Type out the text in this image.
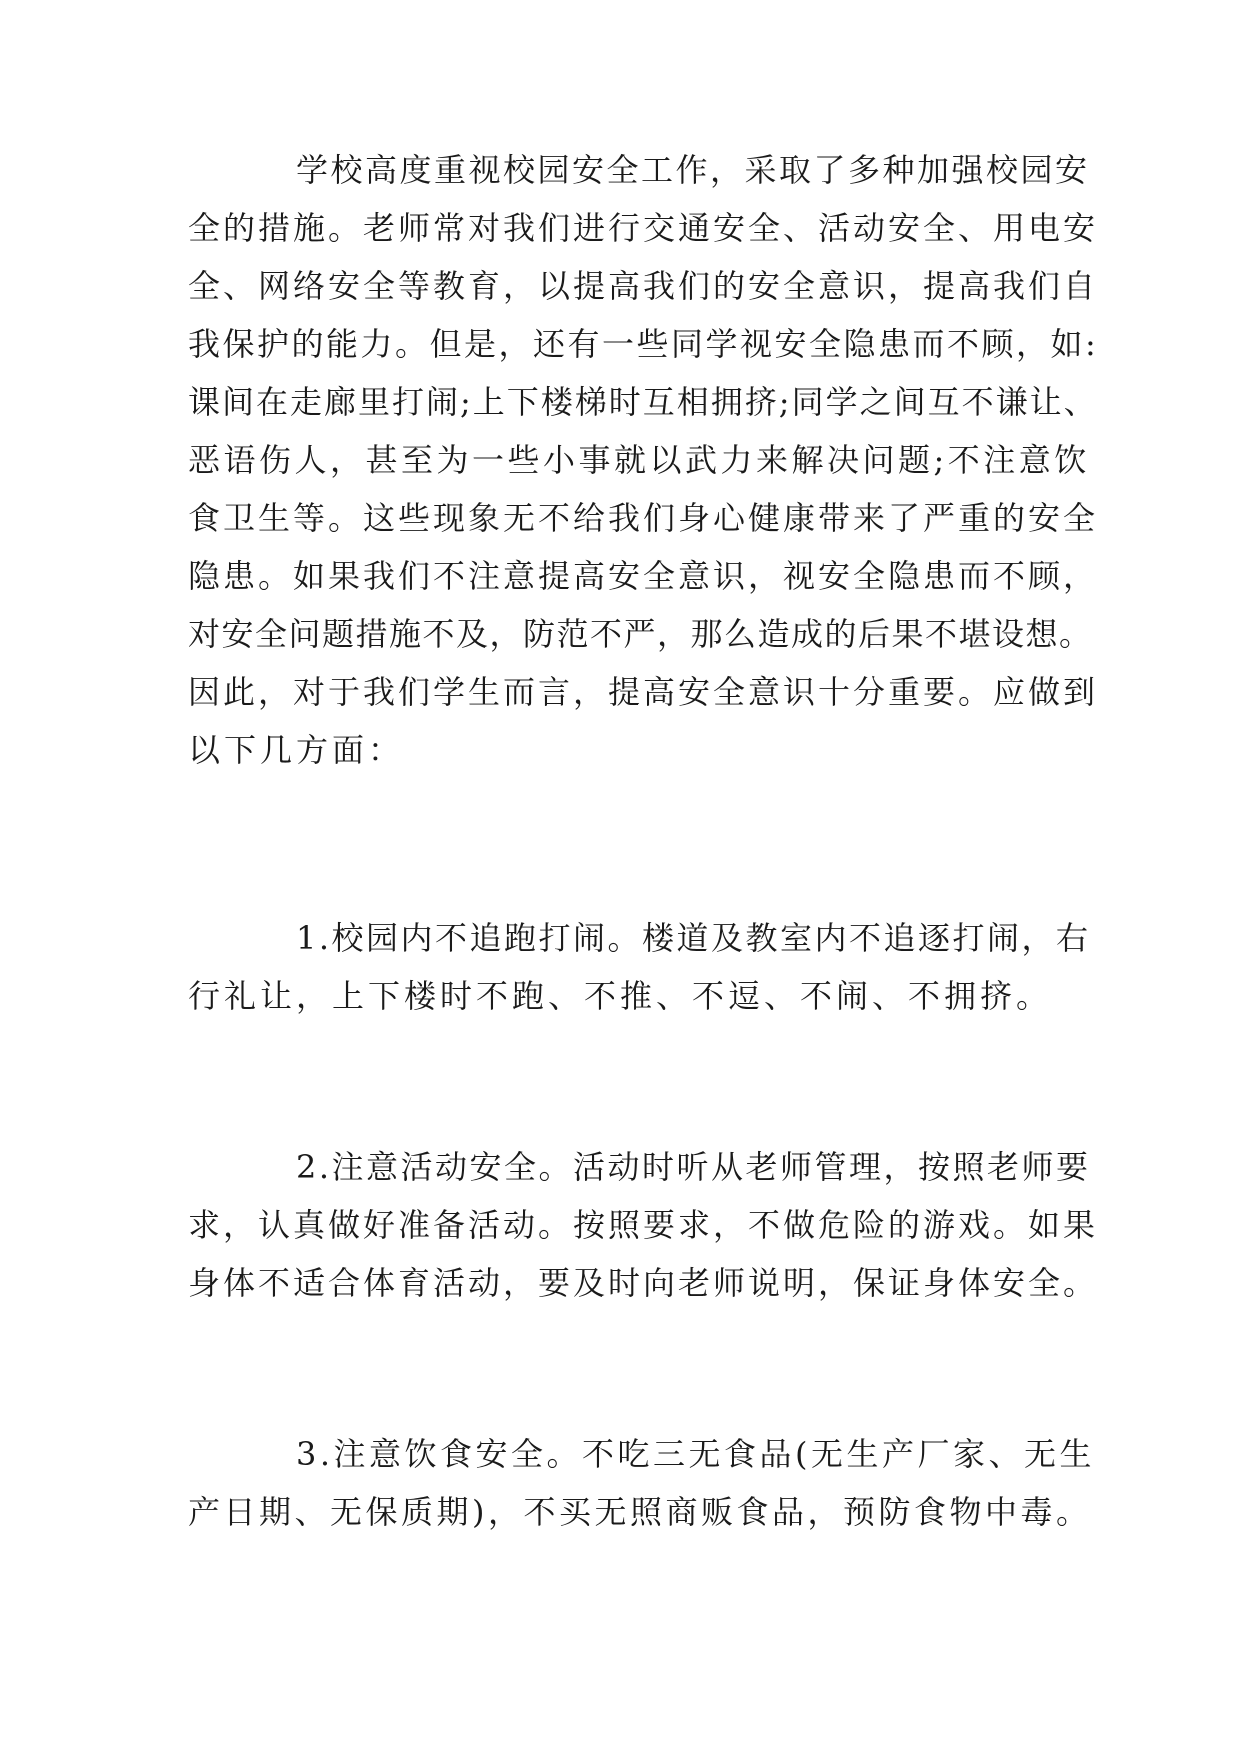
学校高度重视校园安全工作，采取了多种加强校园安
全的措施。老师常对我们进行交通安全、活动安全、用电安
全、网络安全等教育，以提高我们的安全意识，提高我们自
我保护的能力。但是，还有一些同学视安全隐患而不顾，如:
课间在走廊里打闹;上下楼梯时互相拥挤;同学之间互不谦让、
恶语伤人，甚至为一些小事就以武力来解决问题;不注意饮
食卫生等。这些现象无不给我们身心健康带来了严重的安全
隐患。如果我们不注意提高安全意识，视安全隐患而不顾，
对安全问题措施不及，防范不严，那么造成的后果不堪设想。
因此，对于我们学生而言，提高安全意识十分重要。应做到
以下几方面：
1.校园内不追跑打闹。楼道及教室内不追逐打闹，右
行礼让，上下楼时不跑、不推、不逗、不闹、不拥挤。
2.注意活动安全。活动时听从老师管理，按照老师要
求，认真做好准备活动。按照要求，不做危险的游戏。如果
身体不适合体育活动，要及时向老师说明，保证身体安全。
3.注意饮食安全。不吃三无食品(无生产厂家、无生
产日期、无保质期)，不买无照商贩食品，预防食物中毒。
